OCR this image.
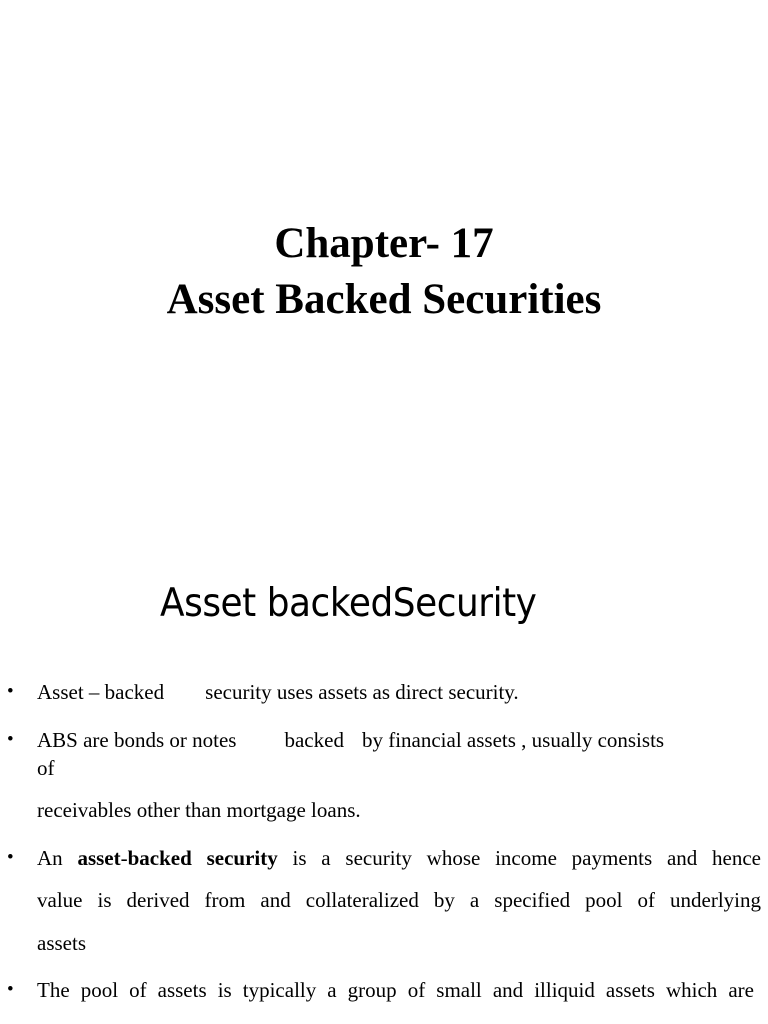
Chapter- 17
Asset Backed Securities
Asset backedSecurity
• Asset – backed security uses assets as direct security.
• ABS are bonds or notes backed by financial assets , usually consists
of
receivables other than mortgage loans.
• An asset-backed security is a security whose income payments and hence
value is derived from and collateralized by a specified pool of underlying
assets
• The pool of assets is typically a group of small and illiquid assets which are
